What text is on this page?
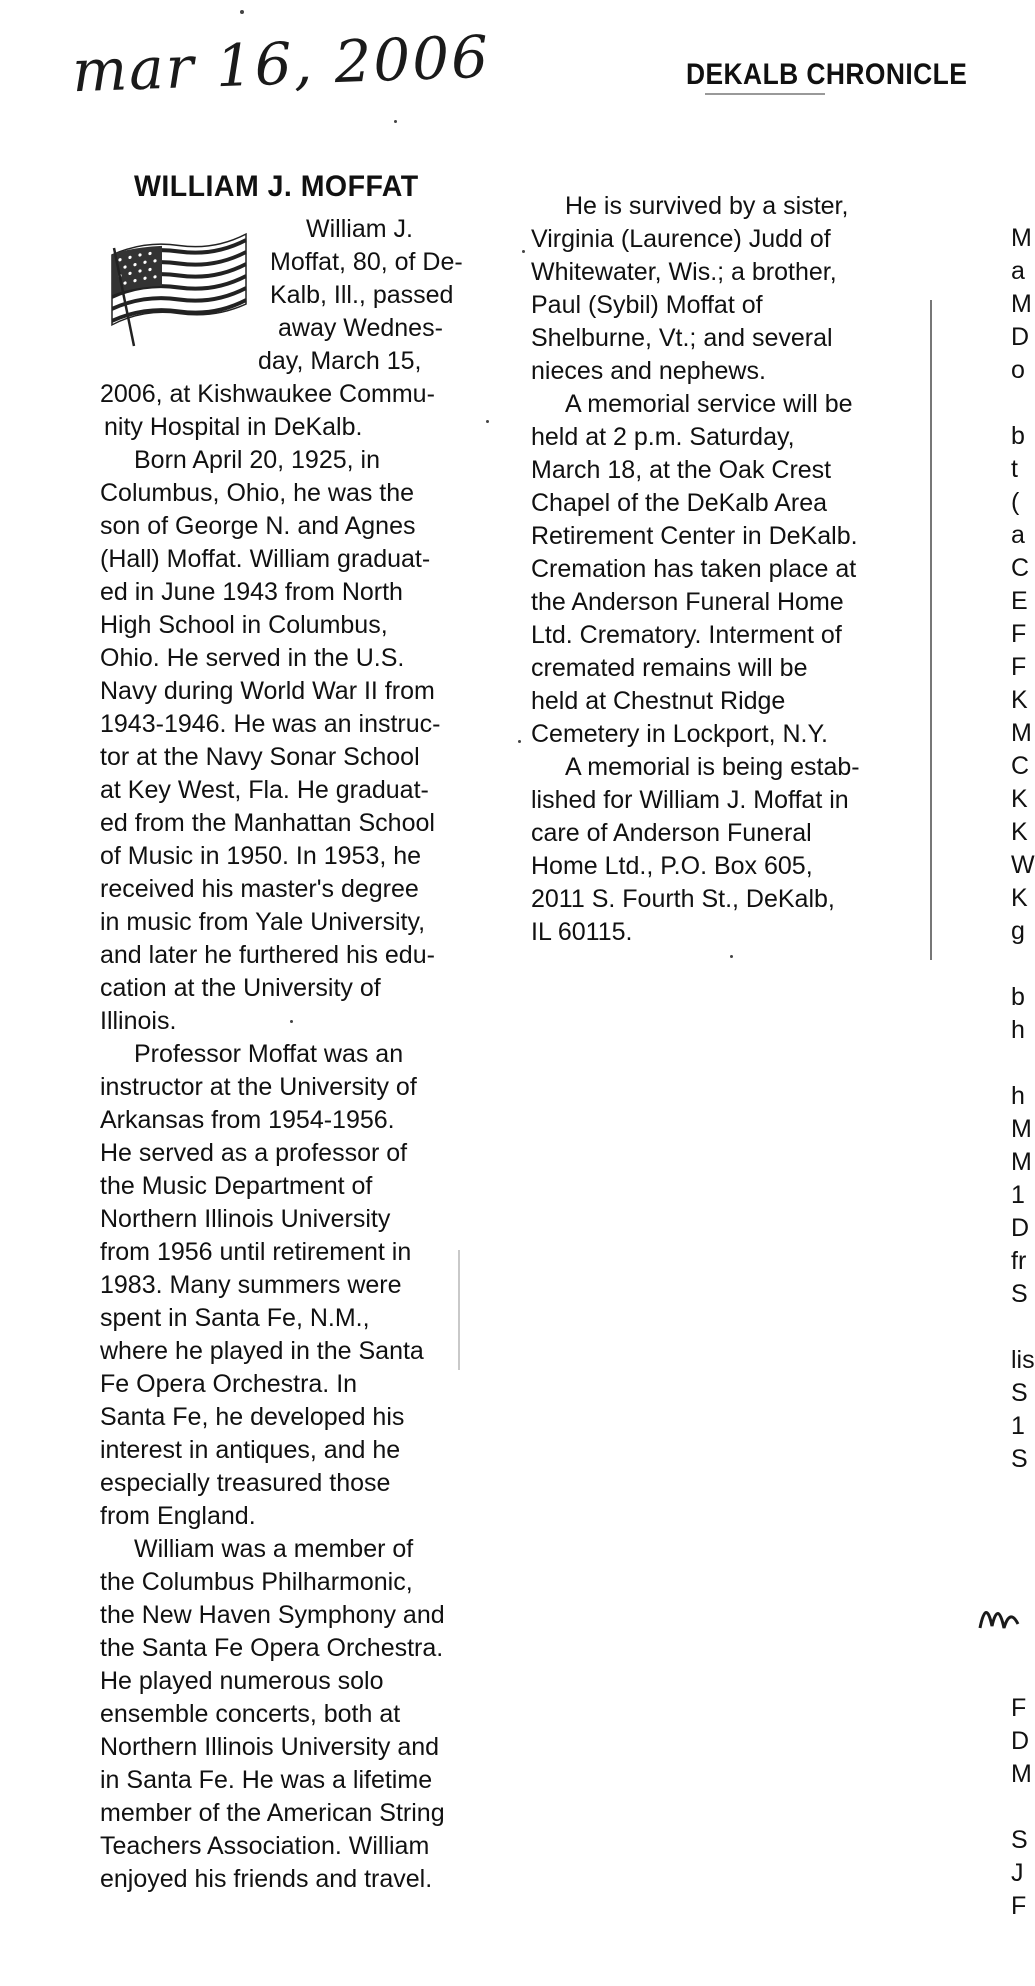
mar 16, 2006	DEKALB CHRONICLE
WILLIAM J. MOFFAT
William J.
Moffat, 80, of De-
Kalb, Ill., passed
away Wednes-
day, March 15,
2006, at Kishwaukee Commu-
nity Hospital in DeKalb.
Born April 20, 1925, in
Columbus, Ohio, he was the
son of George N. and Agnes
(Hall) Moffat. William graduat-
ed in June 1943 from North
High School in Columbus,
Ohio. He served in the U.S.
Navy during World War II from
1943-1946. He was an instruc-
tor at the Navy Sonar School
at Key West, Fla. He graduat-
ed from the Manhattan School
of Music in 1950. In 1953, he
received his master's degree
in music from Yale University,
and later he furthered his edu-
cation at the University of
Illinois.
Professor Moffat was an
instructor at the University of
Arkansas from 1954-1956.
He served as a professor of
the Music Department of
Northern Illinois University
from 1956 until retirement in
1983. Many summers were
spent in Santa Fe, N.M.,
where he played in the Santa
Fe Opera Orchestra. In
Santa Fe, he developed his
interest in antiques, and he
especially treasured those
from England.
William was a member of
the Columbus Philharmonic,
the New Haven Symphony and
the Santa Fe Opera Orchestra.
He played numerous solo
ensemble concerts, both at
Northern Illinois University and
in Santa Fe. He was a lifetime
member of the American String
Teachers Association. William
enjoyed his friends and travel.
He is survived by a sister,
Virginia (Laurence) Judd of
Whitewater, Wis.; a brother,
Paul (Sybil) Moffat of
Shelburne, Vt.; and several
nieces and nephews.
A memorial service will be
held at 2 p.m. Saturday,
March 18, at the Oak Crest
Chapel of the DeKalb Area
Retirement Center in DeKalb.
Cremation has taken place at
the Anderson Funeral Home
Ltd. Crematory. Interment of
cremated remains will be
held at Chestnut Ridge
Cemetery in Lockport, N.Y.
A memorial is being estab-
lished for William J. Moffat in
care of Anderson Funeral
Home Ltd., P.O. Box 605,
2011 S. Fourth St., DeKalb,
IL 60115.
M
a
M
D
o

b
t
(
a
C
E
F
F
K
M
C
K
K
W
K
g

b
h

h
M
M
1
D
fr
S

lis
S
1
S
F
D
M

S
J
F
